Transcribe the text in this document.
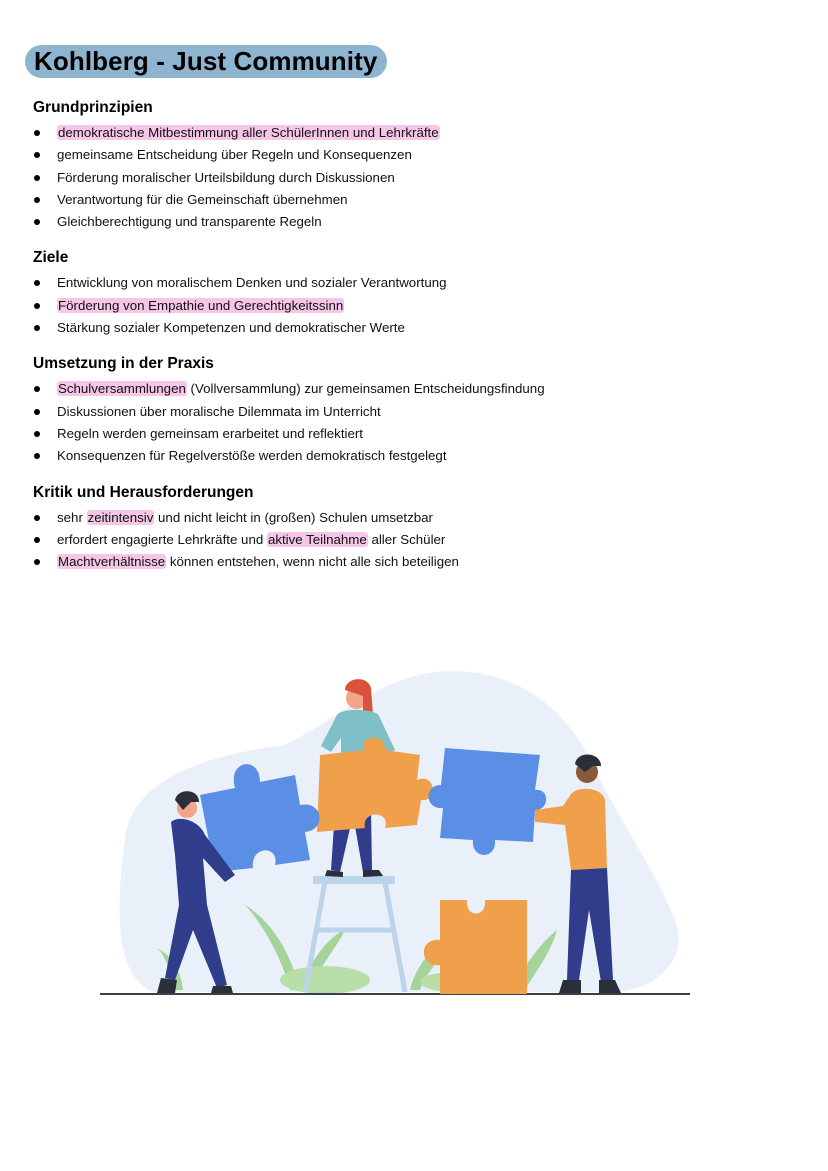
Kohlberg - Just Community
Grundprinzipien
demokratische Mitbestimmung aller SchülerInnen und Lehrkräfte
gemeinsame Entscheidung über Regeln und Konsequenzen
Förderung moralischer Urteilsbildung durch Diskussionen
Verantwortung für die Gemeinschaft übernehmen
Gleichberechtigung und transparente Regeln
Ziele
Entwicklung von moralischem Denken und sozialer Verantwortung
Förderung von Empathie und Gerechtigkeitssinn
Stärkung sozialer Kompetenzen und demokratischer Werte
Umsetzung in der Praxis
Schulversammlungen (Vollversammlung) zur gemeinsamen Entscheidungsfindung
Diskussionen über moralische Dilemmata im Unterricht
Regeln werden gemeinsam erarbeitet und reflektiert
Konsequenzen für Regelverstöße werden demokratisch festgelegt
Kritik und Herausforderungen
sehr zeitintensiv und nicht leicht in (großen) Schulen umsetzbar
erfordert engagierte Lehrkräfte und aktive Teilnahme aller Schüler
Machtverhältnisse können entstehen, wenn nicht alle sich beteiligen
